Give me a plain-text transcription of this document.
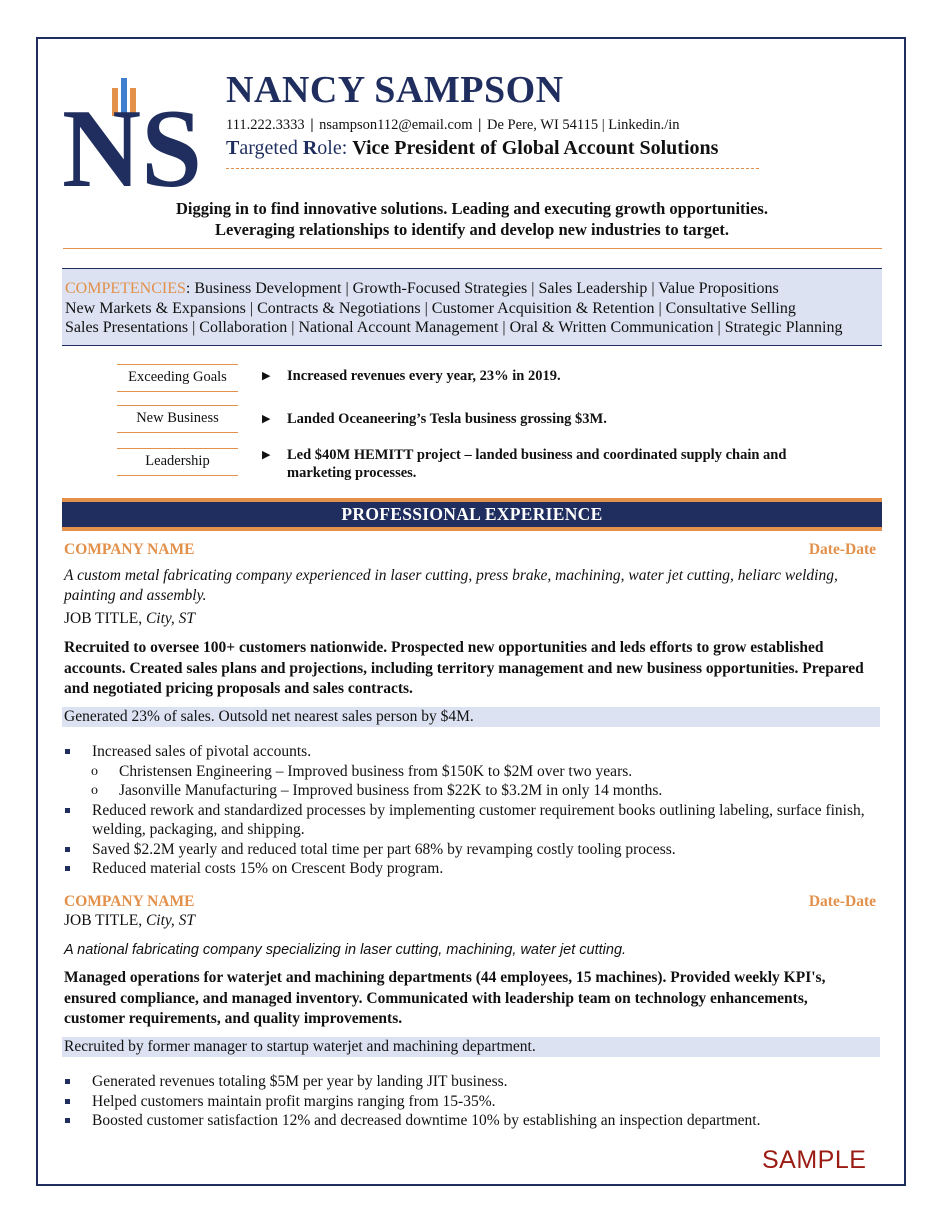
NS NANCY SAMPSON
111.222.3333 | nsampson112@email.com | De Pere, WI 54115 | Linkedin./in
Targeted Role: Vice President of Global Account Solutions
Digging in to find innovative solutions. Leading and executing growth opportunities.
Leveraging relationships to identify and develop new industries to target.
COMPETENCIES: Business Development | Growth-Focused Strategies | Sales Leadership | Value Propositions
New Markets & Expansions | Contracts & Negotiations | Customer Acquisition & Retention | Consultative Selling
Sales Presentations | Collaboration | National Account Management | Oral & Written Communication | Strategic Planning
Exceeding Goals	▶	Increased revenues every year, 23% in 2019.
New Business	▶	Landed Oceaneering’s Tesla business grossing $3M.
Leadership	▶	Led $40M HEMITT project – landed business and coordinated supply chain and marketing processes.
PROFESSIONAL EXPERIENCE
COMPANY NAME	Date-Date
A custom metal fabricating company experienced in laser cutting, press brake, machining, water jet cutting, heliarc welding, painting and assembly.
JOB TITLE, City, ST
Recruited to oversee 100+ customers nationwide. Prospected new opportunities and leds efforts to grow established accounts. Created sales plans and projections, including territory management and new business opportunities. Prepared and negotiated pricing proposals and sales contracts.
Generated 23% of sales. Outsold net nearest sales person by $4M.
Increased sales of pivotal accounts.
o Christensen Engineering – Improved business from $150K to $2M over two years.
o Jasonville Manufacturing – Improved business from $22K to $3.2M in only 14 months.
Reduced rework and standardized processes by implementing customer requirement books outlining labeling, surface finish, welding, packaging, and shipping.
Saved $2.2M yearly and reduced total time per part 68% by revamping costly tooling process.
Reduced material costs 15% on Crescent Body program.
COMPANY NAME	Date-Date
JOB TITLE, City, ST
A national fabricating company specializing in laser cutting, machining, water jet cutting.
Managed operations for waterjet and machining departments (44 employees, 15 machines). Provided weekly KPI's, ensured compliance, and managed inventory. Communicated with leadership team on technology enhancements, customer requirements, and quality improvements.
Recruited by former manager to startup waterjet and machining department.
Generated revenues totaling $5M per year by landing JIT business.
Helped customers maintain profit margins ranging from 15-35%.
Boosted customer satisfaction 12% and decreased downtime 10% by establishing an inspection department.
SAMPLE
